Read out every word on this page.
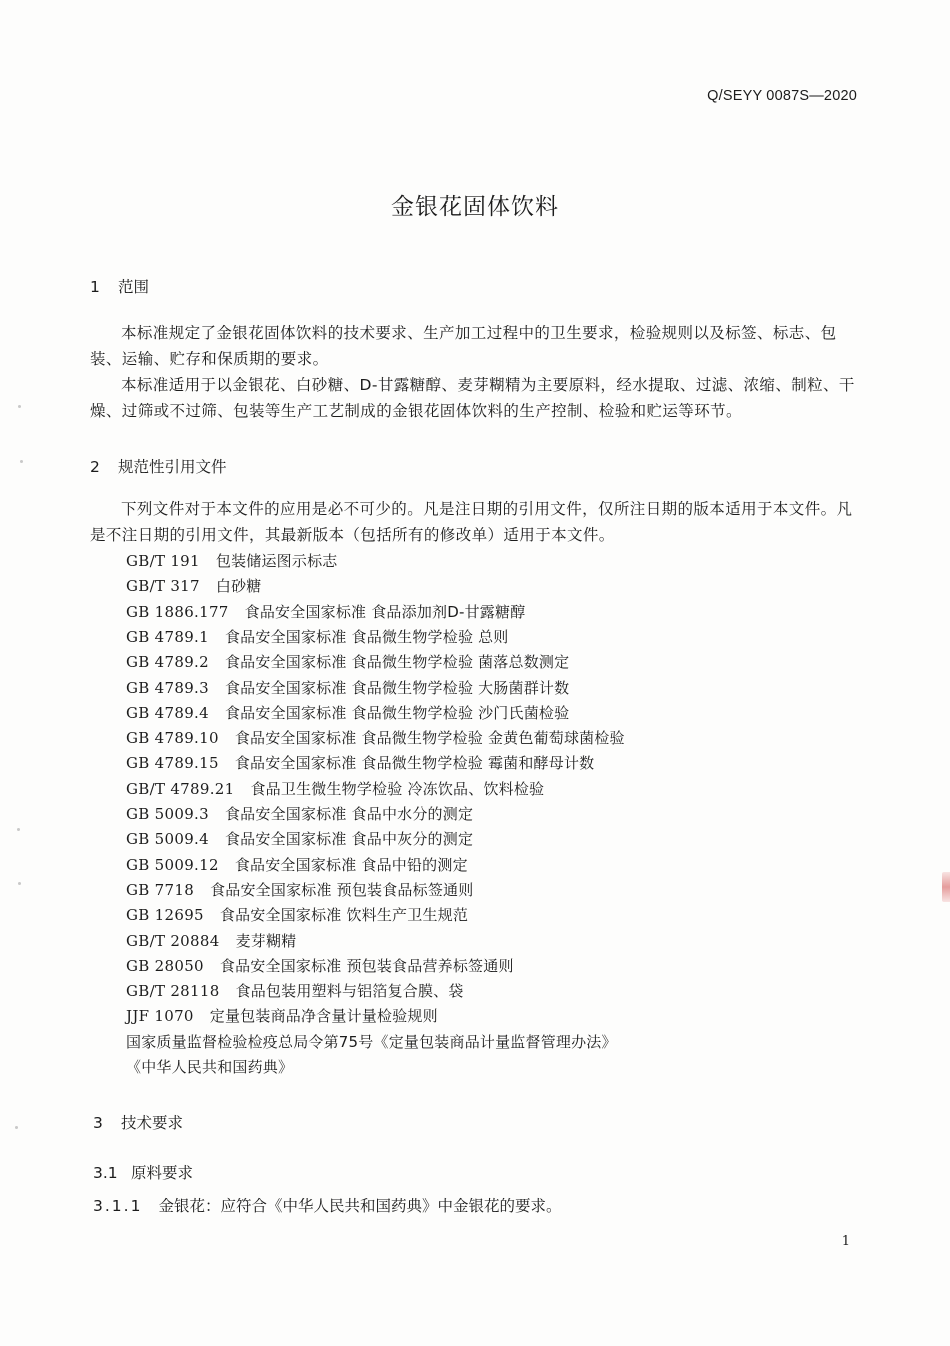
Q/SEYY 0087S—2020
金银花固体饮料
1 范围
本标准规定了金银花固体饮料的技术要求、生产加工过程中的卫生要求，检验规则以及标签、标志、包装、运输、贮存和保质期的要求。
本标准适用于以金银花、白砂糖、D-甘露糖醇、麦芽糊精为主要原料，经水提取、过滤、浓缩、制粒、干燥、过筛或不过筛、包装等生产工艺制成的金银花固体饮料的生产控制、检验和贮运等环节。
2 规范性引用文件
下列文件对于本文件的应用是必不可少的。凡是注日期的引用文件，仅所注日期的版本适用于本文件。凡是不注日期的引用文件，其最新版本（包括所有的修改单）适用于本文件。
GB/T 191 包装储运图示标志
GB/T 317 白砂糖
GB 1886.177 食品安全国家标准 食品添加剂D-甘露糖醇
GB 4789.1 食品安全国家标准 食品微生物学检验 总则
GB 4789.2 食品安全国家标准 食品微生物学检验 菌落总数测定
GB 4789.3 食品安全国家标准 食品微生物学检验 大肠菌群计数
GB 4789.4 食品安全国家标准 食品微生物学检验 沙门氏菌检验
GB 4789.10 食品安全国家标准 食品微生物学检验 金黄色葡萄球菌检验
GB 4789.15 食品安全国家标准 食品微生物学检验 霉菌和酵母计数
GB/T 4789.21 食品卫生微生物学检验 冷冻饮品、饮料检验
GB 5009.3 食品安全国家标准 食品中水分的测定
GB 5009.4 食品安全国家标准 食品中灰分的测定
GB 5009.12 食品安全国家标准 食品中铅的测定
GB 7718 食品安全国家标准 预包装食品标签通则
GB 12695 食品安全国家标准 饮料生产卫生规范
GB/T 20884 麦芽糊精
GB 28050 食品安全国家标准 预包装食品营养标签通则
GB/T 28118 食品包装用塑料与铝箔复合膜、袋
JJF 1070 定量包装商品净含量计量检验规则
国家质量监督检验检疫总局令第75号《定量包装商品计量监督管理办法》
《中华人民共和国药典》
3 技术要求
3.1 原料要求
3.1.1 金银花：应符合《中华人民共和国药典》中金银花的要求。
1
